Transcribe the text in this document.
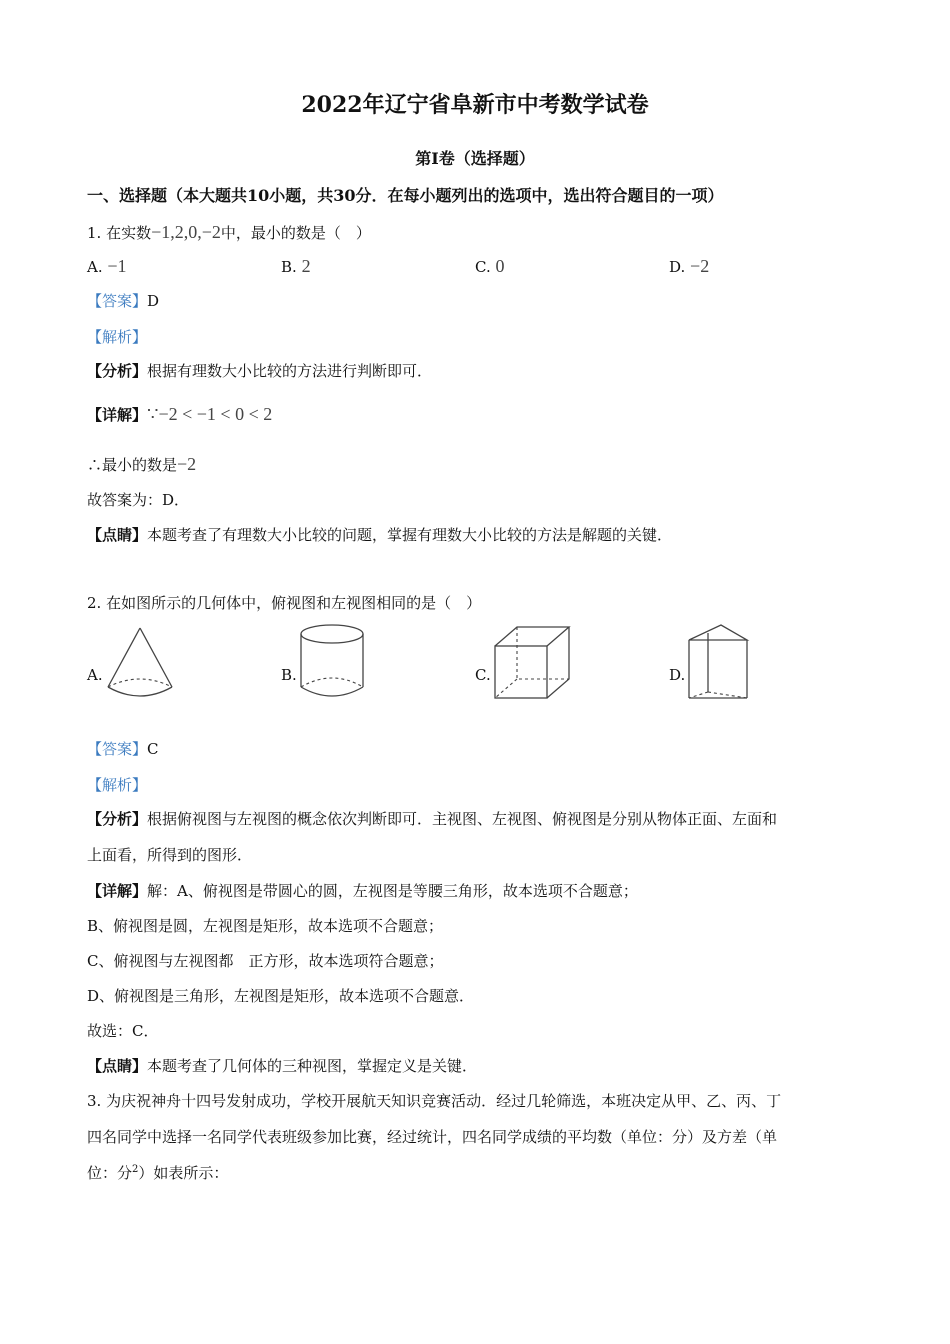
2022年辽宁省阜新市中考数学试卷
第I卷（选择题）
一、选择题（本大题共10小题，共30分．在每小题列出的选项中，选出符合题目的一项）
1. 在实数−1,2,0,−2中，最小的数是（　）
A. −1	B. 2	C. 0	D. −2
【答案】D
【解析】
【分析】根据有理数大小比较的方法进行判断即可．
【详解】∵−2 < −1 < 0 < 2
∴最小的数是−2
故答案为：D．
【点睛】本题考查了有理数大小比较的问题，掌握有理数大小比较的方法是解题的关键．
2. 在如图所示的几何体中，俯视图和左视图相同的是（　）
A.	B.	C.	D.
【答案】C
【解析】
【分析】根据俯视图与左视图的概念依次判断即可．主视图、左视图、俯视图是分别从物体正面、左面和
上面看，所得到的图形．
【详解】解：A、俯视图是带圆心的圆，左视图是等腰三角形，故本选项不合题意；
B、俯视图是圆，左视图是矩形，故本选项不合题意；
C、俯视图与左视图都　正方形，故本选项符合题意；
D、俯视图是三角形，左视图是矩形，故本选项不合题意．
故选：C．
【点睛】本题考查了几何体的三种视图，掌握定义是关键．
3. 为庆祝神舟十四号发射成功，学校开展航天知识竞赛活动．经过几轮筛选，本班决定从甲、乙、丙、丁
四名同学中选择一名同学代表班级参加比赛，经过统计，四名同学成绩的平均数（单位：分）及方差（单
位：分$^2$）如表所示：
